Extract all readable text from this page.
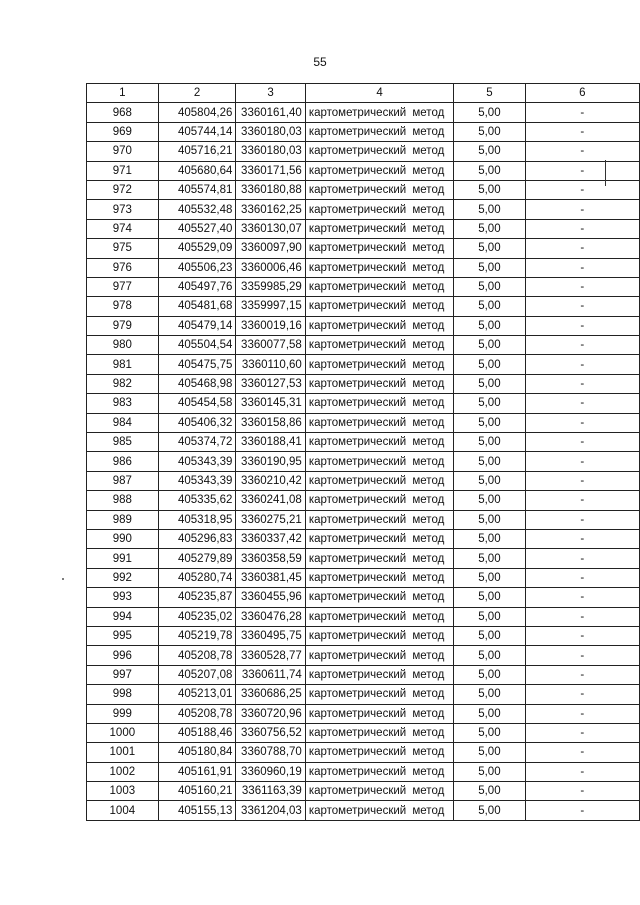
55
1	2	3	4	5	6
968	405804,26	3360161,40	картометрический метод	5,00	-
969	405744,14	3360180,03	картометрический метод	5,00	-
970	405716,21	3360180,03	картометрический метод	5,00	-
971	405680,64	3360171,56	картометрический метод	5,00	-
972	405574,81	3360180,88	картометрический метод	5,00	-
973	405532,48	3360162,25	картометрический метод	5,00	-
974	405527,40	3360130,07	картометрический метод	5,00	-
975	405529,09	3360097,90	картометрический метод	5,00	-
976	405506,23	3360006,46	картометрический метод	5,00	-
977	405497,76	3359985,29	картометрический метод	5,00	-
978	405481,68	3359997,15	картометрический метод	5,00	-
979	405479,14	3360019,16	картометрический метод	5,00	-
980	405504,54	3360077,58	картометрический метод	5,00	-
981	405475,75	3360110,60	картометрический метод	5,00	-
982	405468,98	3360127,53	картометрический метод	5,00	-
983	405454,58	3360145,31	картометрический метод	5,00	-
984	405406,32	3360158,86	картометрический метод	5,00	-
985	405374,72	3360188,41	картометрический метод	5,00	-
986	405343,39	3360190,95	картометрический метод	5,00	-
987	405343,39	3360210,42	картометрический метод	5,00	-
988	405335,62	3360241,08	картометрический метод	5,00	-
989	405318,95	3360275,21	картометрический метод	5,00	-
990	405296,83	3360337,42	картометрический метод	5,00	-
991	405279,89	3360358,59	картометрический метод	5,00	-
992	405280,74	3360381,45	картометрический метод	5,00	-
993	405235,87	3360455,96	картометрический метод	5,00	-
994	405235,02	3360476,28	картометрический метод	5,00	-
995	405219,78	3360495,75	картометрический метод	5,00	-
996	405208,78	3360528,77	картометрический метод	5,00	-
997	405207,08	3360611,74	картометрический метод	5,00	-
998	405213,01	3360686,25	картометрический метод	5,00	-
999	405208,78	3360720,96	картометрический метод	5,00	-
1000	405188,46	3360756,52	картометрический метод	5,00	-
1001	405180,84	3360788,70	картометрический метод	5,00	-
1002	405161,91	3360960,19	картометрический метод	5,00	-
1003	405160,21	3361163,39	картометрический метод	5,00	-
1004	405155,13	3361204,03	картометрический метод	5,00	-
